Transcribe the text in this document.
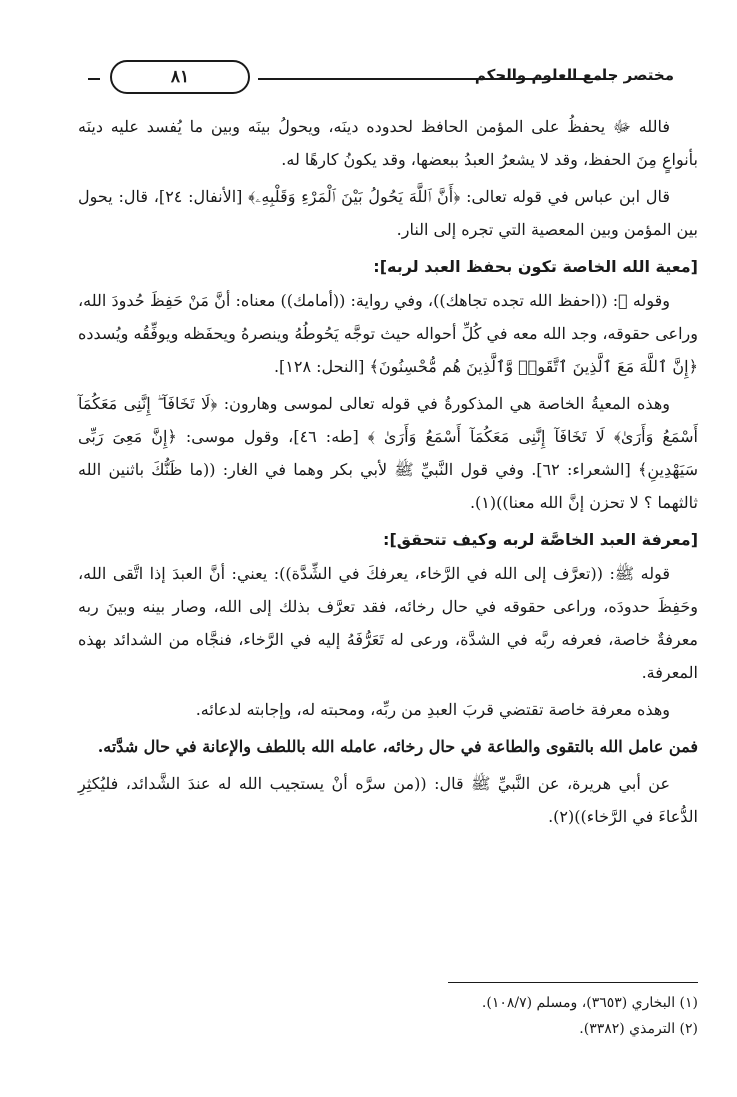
٨١	مختصر جامع العلوم والحكم

فالله ﷻ يحفظُ على المؤمن الحافظ لحدوده دينَه، ويحولُ بينَه وبين ما يُفسد عليه دينَه بأنواعٍ مِنَ الحفظ، وقد لا يشعرُ العبدُ ببعضها، وقد يكونُ كارهًا له.

قال ابن عباس في قوله تعالى: ﴿أَنَّ ٱللَّهَ يَحُولُ بَيْنَ ٱلْمَرْءِ وَقَلْبِهِۦ﴾ [الأنفال: ٢٤]، قال: يحول بين المؤمن وبين المعصية التي تجره إلى النار.

[معية الله الخاصة تكون بحفظ العبد لربه]:

وقوله ﷺ: ((احفظ الله تجده تجاهك))، وفي رواية: ((أمامك)) معناه: أنَّ مَنْ حَفِظَ حُدودَ الله، وراعى حقوقه، وجد الله معه في كُلِّ أحواله حيث توجَّه يَحُوطُهُ وينصرهُ ويحفَظه ويوفِّقُه ويُسدده ﴿إِنَّ ٱللَّهَ مَعَ ٱلَّذِينَ ٱتَّقَوا۟ وَّٱلَّذِينَ هُم مُّحْسِنُونَ﴾ [النحل: ١٢٨].

وهذه المعيةُ الخاصة هي المذكورةُ في قوله تعالى لموسى وهارون: ﴿لَا تَخَافَآ ۖ إِنَّنِى مَعَكُمَآ أَسْمَعُ وَأَرَىٰ﴾ لَا تَخَافَآ إِنَّنِى مَعَكُمَآ أَسْمَعُ وَأَرَىٰ ﴾ [طه: ٤٦]، وقول موسى: ﴿إِنَّ مَعِىَ رَبِّى سَيَهْدِينِ﴾ [الشعراء: ٦٢]. وفي قول النَّبيِّ ﷺ لأبي بكر وهما في الغار: ((ما ظَنُّكَ باثنين الله ثالثهما ؟ لا تحزن إنَّ الله معنا))(١).

[معرفة العبد الخاصَّة لربه وكيف تتحقق]:

قوله ﷺ: ((تعرَّف إلى الله في الرَّخاء، يعرفكَ في الشِّدَّة)): يعني: أنَّ العبدَ إذا اتَّقى الله، وحَفِظَ حدودَه، وراعى حقوقه في حال رخائه، فقد تعرَّف بذلك إلى الله، وصار بينه وبينَ ربه معرفةٌ خاصة، فعرفه ربَّه في الشدَّة، ورعى له تَعَرُّفَهُ إليه في الرَّخاء، فنجَّاه من الشدائد بهذه المعرفة.

وهذه معرفة خاصة تقتضي قربَ العبدِ من ربِّه، ومحبته له، وإجابته لدعائه.

فمن عامل الله بالتقوى والطاعة في حال رخائه، عامله الله باللطف والإعانة في حال شدَّته.

عن أبي هريرة، عن النَّبيِّ ﷺ قال: ((من سرَّه أنْ يستجيب الله له عندَ الشَّدائد، فليُكثِرِ الدُّعاءَ في الرَّخاء))(٢).

(١) البخاري (٣٦٥٣)، ومسلم (١٠٨/٧).
(٢) الترمذي (٣٣٨٢).
